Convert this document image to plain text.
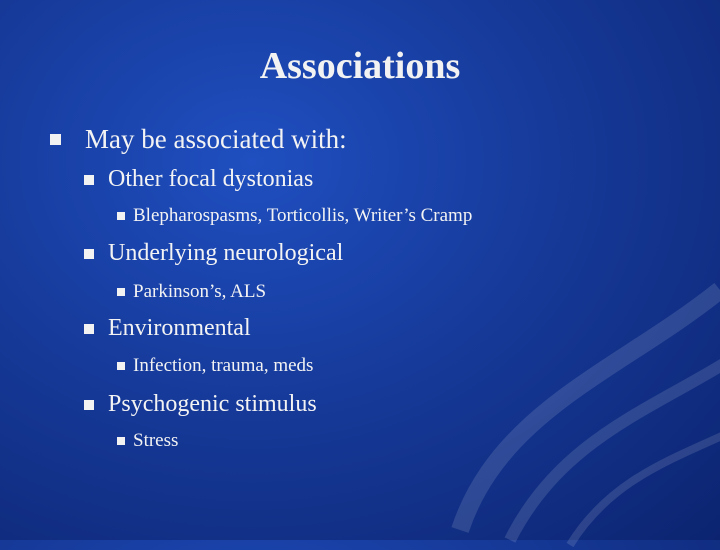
Associations
May be associated with:
Other focal dystonias
Blepharospasms, Torticollis, Writer’s Cramp
Underlying neurological
Parkinson’s, ALS
Environmental
Infection, trauma, meds
Psychogenic stimulus
Stress
